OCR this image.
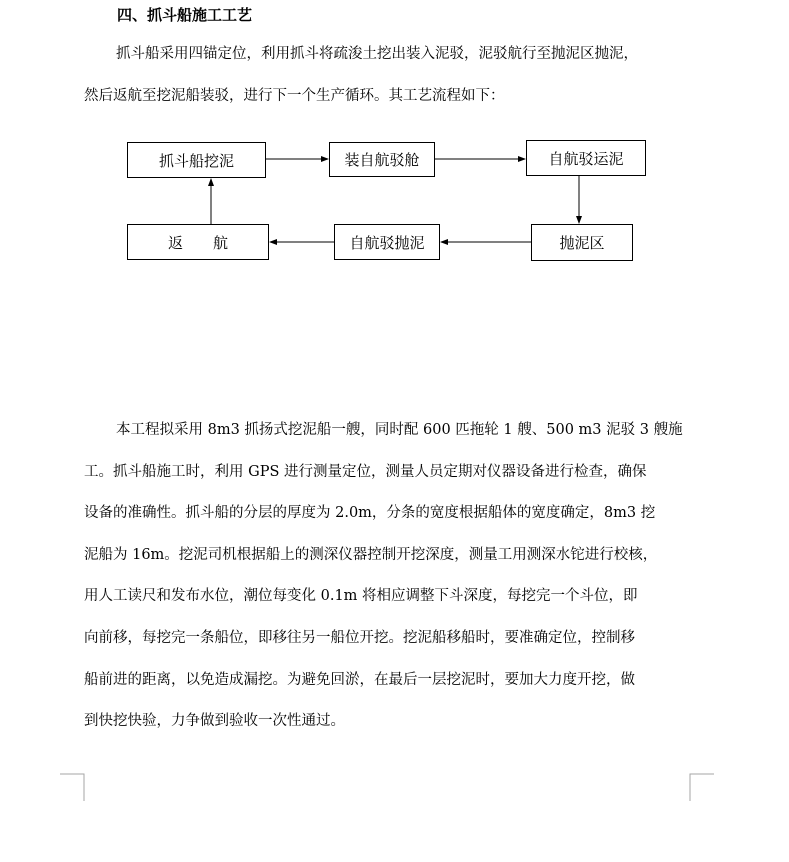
四、抓斗船施工工艺
抓斗船采用四锚定位，利用抓斗将疏浚土挖出装入泥驳，泥驳航行至抛泥区抛泥，
然后返航至挖泥船装驳，进行下一个生产循环。其工艺流程如下：
抓斗船挖泥	装自航驳舱	自航驳运泥
返　　航	自航驳抛泥	抛泥区
本工程拟采用 8m3 抓扬式挖泥船一艘，同时配 600 匹拖轮 1 艘、500 m3 泥驳 3 艘施
工。抓斗船施工时，利用 GPS 进行测量定位，测量人员定期对仪器设备进行检查，确保
设备的准确性。抓斗船的分层的厚度为 2.0m，分条的宽度根据船体的宽度确定，8m3 挖
泥船为 16m。挖泥司机根据船上的测深仪器控制开挖深度，测量工用测深水铊进行校核，
用人工读尺和发布水位，潮位每变化 0.1m 将相应调整下斗深度，每挖完一个斗位，即
向前移，每挖完一条船位，即移往另一船位开挖。挖泥船移船时，要准确定位，控制移
船前进的距离，以免造成漏挖。为避免回淤，在最后一层挖泥时，要加大力度开挖，做
到快挖快验，力争做到验收一次性通过。
